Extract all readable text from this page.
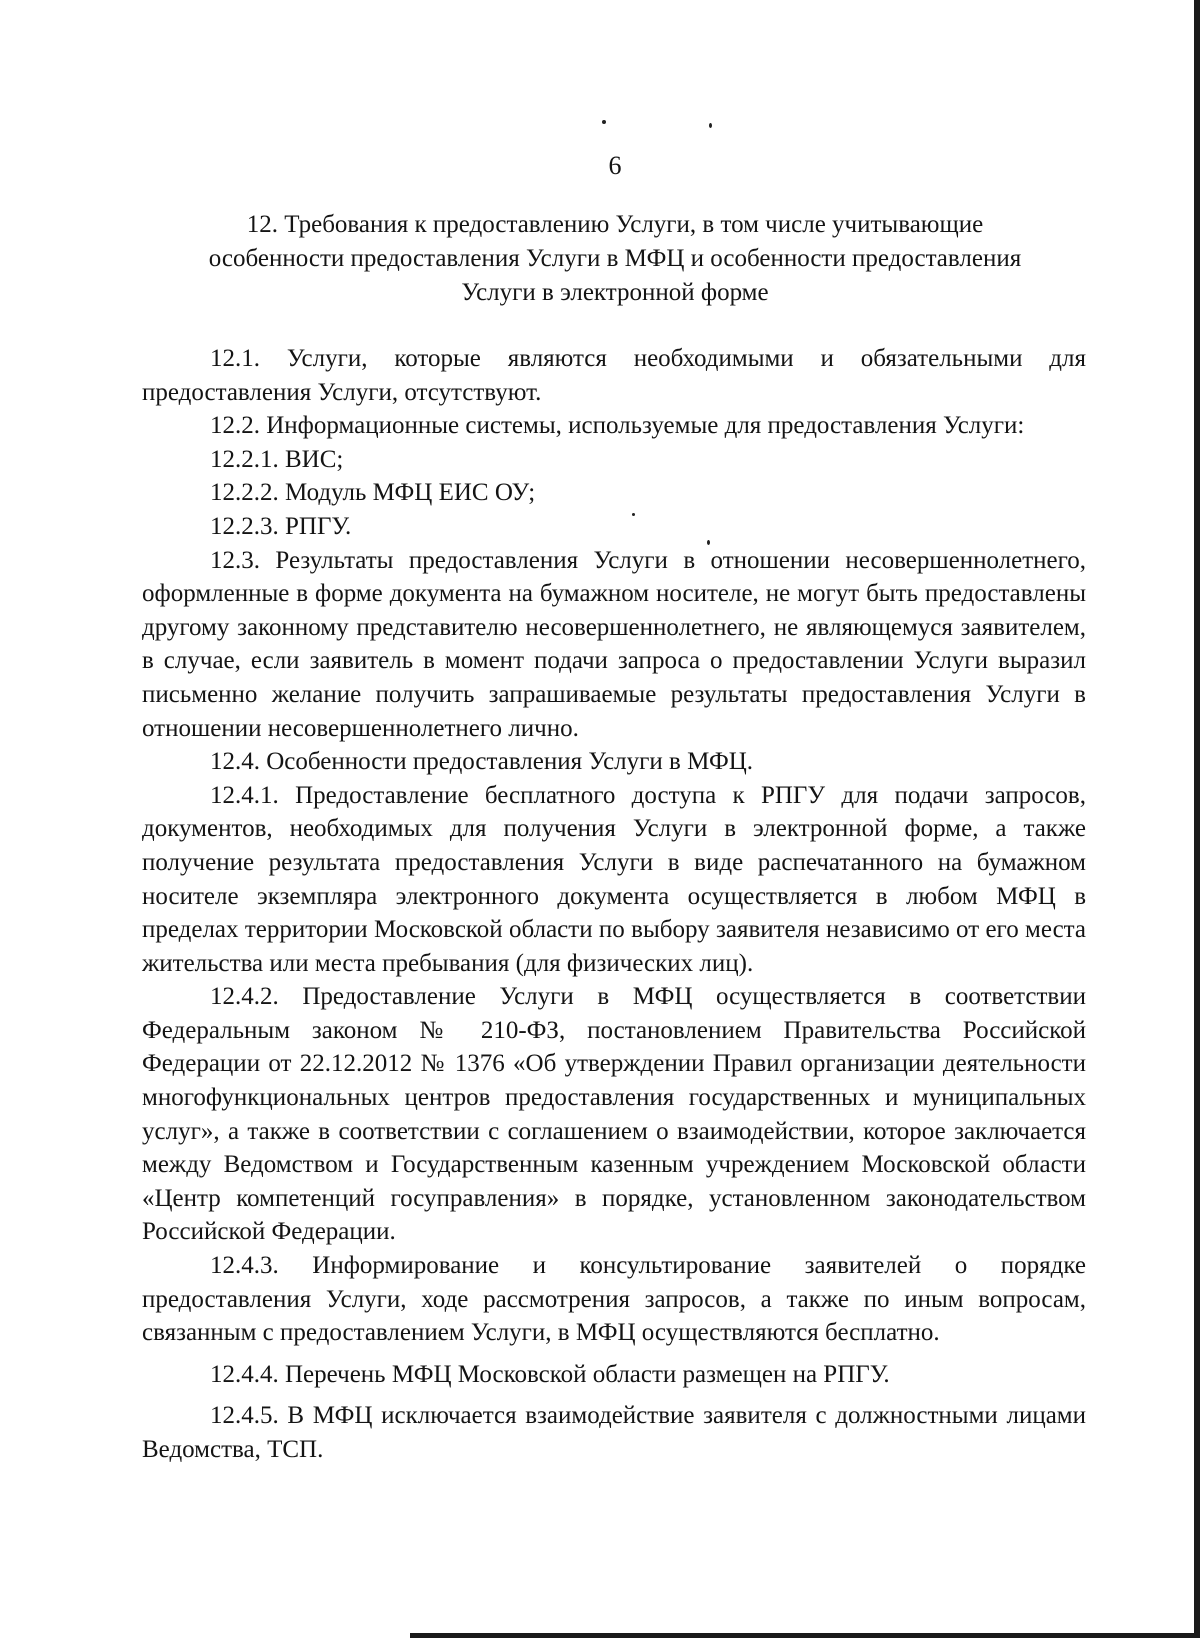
6
12. Требования к предоставлению Услуги, в том числе учитывающие
особенности предоставления Услуги в МФЦ и особенности предоставления
Услуги в электронной форме

12.1. Услуги, которые являются необходимыми и обязательными для предоставления Услуги, отсутствуют.

12.2. Информационные системы, используемые для предоставления Услуги:

12.2.1. ВИС;

12.2.2. Модуль МФЦ ЕИС ОУ;

12.2.3. РПГУ.

12.3. Результаты предоставления Услуги в отношении несовершеннолетнего, оформленные в форме документа на бумажном носителе, не могут быть предоставлены другому законному представителю несовершеннолетнего, не являющемуся заявителем, в случае, если заявитель в момент подачи запроса о предоставлении Услуги выразил письменно желание получить запрашиваемые результаты предоставления Услуги в отношении несовершеннолетнего лично.

12.4. Особенности предоставления Услуги в МФЦ.

12.4.1. Предоставление бесплатного доступа к РПГУ для подачи запросов, документов, необходимых для получения Услуги в электронной форме, а также получение результата предоставления Услуги в виде распечатанного на бумажном носителе экземпляра электронного документа осуществляется в любом МФЦ в пределах территории Московской области по выбору заявителя независимо от его места жительства или места пребывания (для физических лиц).

12.4.2. Предоставление Услуги в МФЦ осуществляется в соответствии Федеральным законом № 210-ФЗ, постановлением Правительства Российской Федерации от 22.12.2012 № 1376 «Об утверждении Правил организации деятельности многофункциональных центров предоставления государственных и муниципальных услуг», а также в соответствии с соглашением о взаимодействии, которое заключается между Ведомством и Государственным казенным учреждением Московской области «Центр компетенций госуправления» в порядке, установленном законодательством Российской Федерации.

12.4.3. Информирование и консультирование заявителей о порядке предоставления Услуги, ходе рассмотрения запросов, а также по иным вопросам, связанным с предоставлением Услуги, в МФЦ осуществляются бесплатно.

12.4.4. Перечень МФЦ Московской области размещен на РПГУ.

12.4.5. В МФЦ исключается взаимодействие заявителя с должностными лицами Ведомства, ТСП.
